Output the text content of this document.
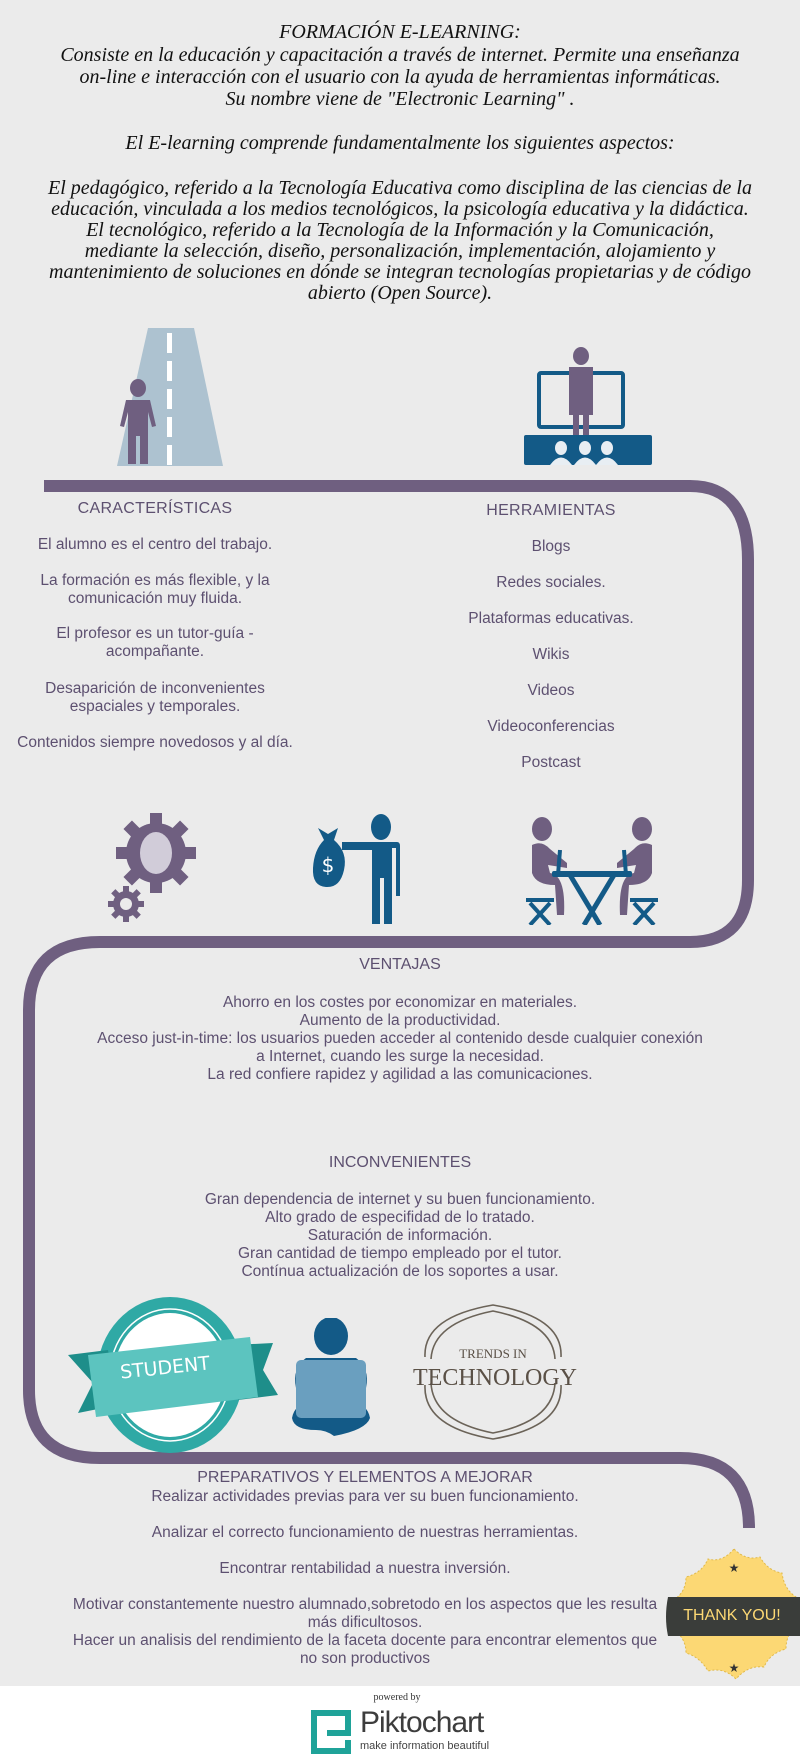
FORMACIÓN E-LEARNING:
Consiste en la educación y capacitación a través de internet. Permite una enseñanza
on-line e interacción con el usuario con la ayuda de herramientas informáticas.
Su nombre viene de "Electronic Learning" .
El E-learning comprende fundamentalmente los siguientes aspectos:
El pedagógico, referido a la Tecnología Educativa como disciplina de las ciencias de la
educación, vinculada a los medios tecnológicos, la psicología educativa y la didáctica.
El tecnológico, referido a la Tecnología de la Información y la Comunicación,
mediante la selección, diseño, personalización, implementación, alojamiento y
mantenimiento de soluciones en dónde se integran tecnologías propietarias y de código
abierto (Open Source).
CARACTERÍSTICAS
El alumno es el centro del trabajo.
La formación es más flexible, y la
comunicación muy fluida.
El profesor es un tutor-guía -
acompañante.
Desaparición de inconvenientes
espaciales y temporales.
Contenidos siempre novedosos y al día.
HERRAMIENTAS
Blogs
Redes sociales.
Plataformas educativas.
Wikis
Videos
Videoconferencias
Postcast
$
VENTAJAS
Ahorro en los costes por economizar en materiales.
Aumento de la productividad.
Acceso just-in-time: los usuarios pueden acceder al contenido desde cualquier conexión
a Internet, cuando les surge la necesidad.
La red confiere rapidez y agilidad a las comunicaciones.
INCONVENIENTES
Gran dependencia de internet y su buen funcionamiento.
Alto grado de especifidad de lo tratado.
Saturación de información.
Gran cantidad de tiempo empleado por el tutor.
Contínua actualización de los soportes a usar.
STUDENT	TRENDS IN
TECHNOLOGY
PREPARATIVOS Y ELEMENTOS A MEJORAR
Realizar actividades previas para ver su buen funcionamiento.
Analizar el correcto funcionamiento de nuestras herramientas.
Encontrar rentabilidad a nuestra inversión.
Motivar constantemente nuestro alumnado,sobretodo en los aspectos que les resulta
más dificultosos.
Hacer un analisis del rendimiento de la faceta docente para encontrar elementos que
no son productivos
★
★
THANK YOU!
powered by
Piktochart
make information beautiful
